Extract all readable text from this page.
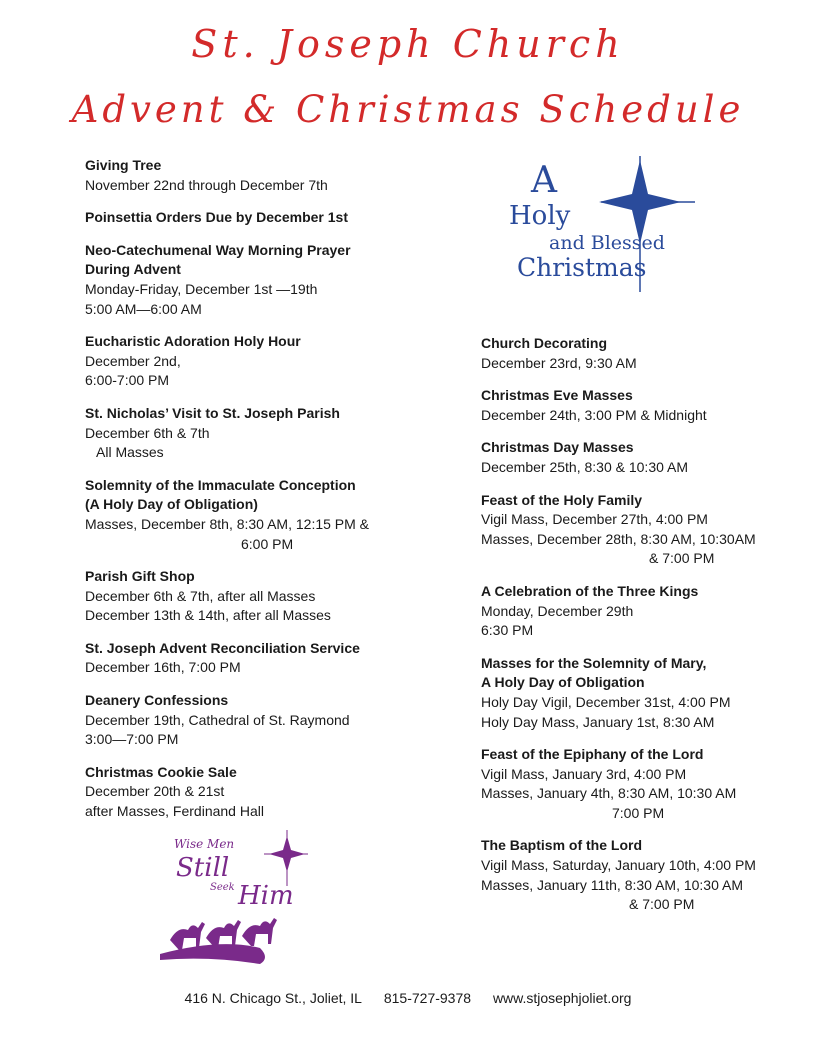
St. Joseph Church
Advent & Christmas Schedule
Giving Tree
November 22nd through December 7th
Poinsettia Orders Due by December 1st
Neo-Catechumenal Way Morning Prayer
During Advent
Monday-Friday, December 1st —19th
5:00 AM—6:00 AM
Eucharistic Adoration Holy Hour
December 2nd,
6:00-7:00 PM
St. Nicholas’ Visit to St. Joseph Parish
December 6th & 7th
All Masses
Solemnity of the Immaculate Conception
(A Holy Day of Obligation)
Masses, December 8th, 8:30 AM, 12:15 PM &
6:00 PM
Parish Gift Shop
December 6th & 7th, after all Masses
December 13th & 14th, after all Masses
St. Joseph Advent Reconciliation Service
December 16th, 7:00 PM
Deanery Confessions
December 19th, Cathedral of St. Raymond
3:00—7:00 PM
Christmas Cookie Sale
December 20th & 21st
after Masses, Ferdinand Hall
Church Decorating
December 23rd, 9:30 AM
Christmas Eve Masses
December 24th, 3:00 PM & Midnight
Christmas Day Masses
December 25th, 8:30 & 10:30 AM
Feast of the Holy Family
Vigil Mass, December 27th, 4:00 PM
Masses, December 28th, 8:30 AM, 10:30AM
& 7:00 PM
A Celebration of the Three Kings
Monday, December 29th
6:30 PM
Masses for the Solemnity of Mary,
A Holy Day of Obligation
Holy Day Vigil, December 31st, 4:00 PM
Holy Day Mass, January 1st, 8:30 AM
Feast of the Epiphany of the Lord
Vigil Mass, January 3rd, 4:00 PM
Masses, January 4th, 8:30 AM, 10:30 AM
7:00 PM
The Baptism of the Lord
Vigil Mass, Saturday, January 10th, 4:00 PM
Masses, January 11th, 8:30 AM, 10:30 AM
& 7:00 PM
A
Holy
and Blessed
Christmas
Wise Men
Still
Seek Him
416 N. Chicago St., Joliet, IL 815-727-9378 www.stjosephjoliet.org
